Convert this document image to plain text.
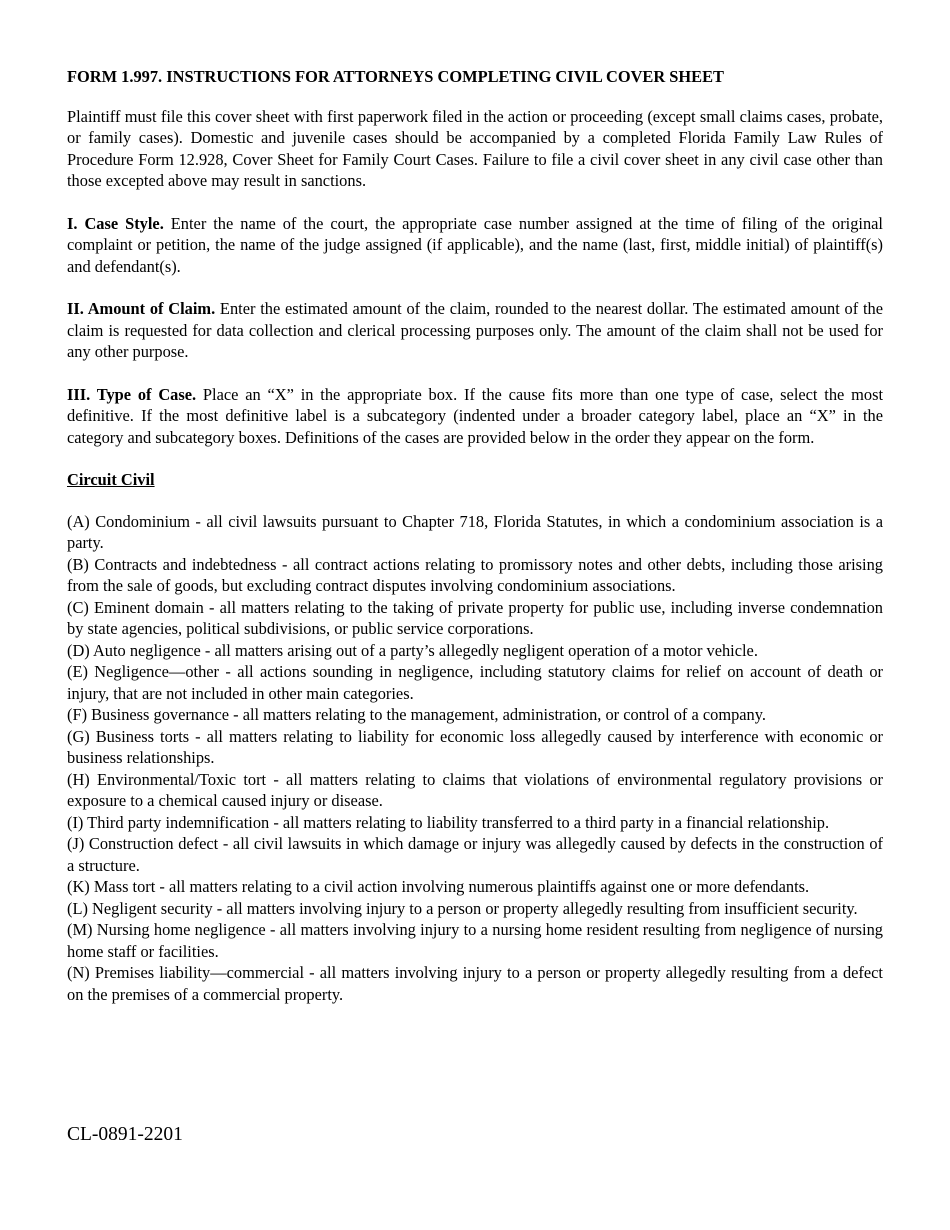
FORM 1.997. INSTRUCTIONS FOR ATTORNEYS COMPLETING CIVIL COVER SHEET

Plaintiff must file this cover sheet with first paperwork filed in the action or proceeding (except small claims cases, probate, or family cases). Domestic and juvenile cases should be accompanied by a completed Florida Family Law Rules of Procedure Form 12.928, Cover Sheet for Family Court Cases. Failure to file a civil cover sheet in any civil case other than those excepted above may result in sanctions.

I. Case Style. Enter the name of the court, the appropriate case number assigned at the time of filing of the original complaint or petition, the name of the judge assigned (if applicable), and the name (last, first, middle initial) of plaintiff(s) and defendant(s).

II. Amount of Claim. Enter the estimated amount of the claim, rounded to the nearest dollar. The estimated amount of the claim is requested for data collection and clerical processing purposes only. The amount of the claim shall not be used for any other purpose.

III. Type of Case. Place an “X” in the appropriate box. If the cause fits more than one type of case, select the most definitive. If the most definitive label is a subcategory (indented under a broader category label, place an “X” in the category and subcategory boxes. Definitions of the cases are provided below in the order they appear on the form.

Circuit Civil

(A) Condominium - all civil lawsuits pursuant to Chapter 718, Florida Statutes, in which a condominium association is a party.

(B) Contracts and indebtedness - all contract actions relating to promissory notes and other debts, including those arising from the sale of goods, but excluding contract disputes involving condominium associations.

(C) Eminent domain - all matters relating to the taking of private property for public use, including inverse condemnation by state agencies, political subdivisions, or public service corporations.

(D) Auto negligence - all matters arising out of a party’s allegedly negligent operation of a motor vehicle.

(E) Negligence—other - all actions sounding in negligence, including statutory claims for relief on account of death or injury, that are not included in other main categories.

(F) Business governance - all matters relating to the management, administration, or control of a company.

(G) Business torts - all matters relating to liability for economic loss allegedly caused by interference with economic or business relationships.

(H) Environmental/Toxic tort - all matters relating to claims that violations of environmental regulatory provisions or exposure to a chemical caused injury or disease.

(I) Third party indemnification - all matters relating to liability transferred to a third party in a financial relationship.

(J) Construction defect - all civil lawsuits in which damage or injury was allegedly caused by defects in the construction of a structure.

(K) Mass tort - all matters relating to a civil action involving numerous plaintiffs against one or more defendants.

(L) Negligent security - all matters involving injury to a person or property allegedly resulting from insufficient security.

(M) Nursing home negligence - all matters involving injury to a nursing home resident resulting from negligence of nursing home staff or facilities.

(N) Premises liability—commercial - all matters involving injury to a person or property allegedly resulting from a defect on the premises of a commercial property.

CL-0891-2201
